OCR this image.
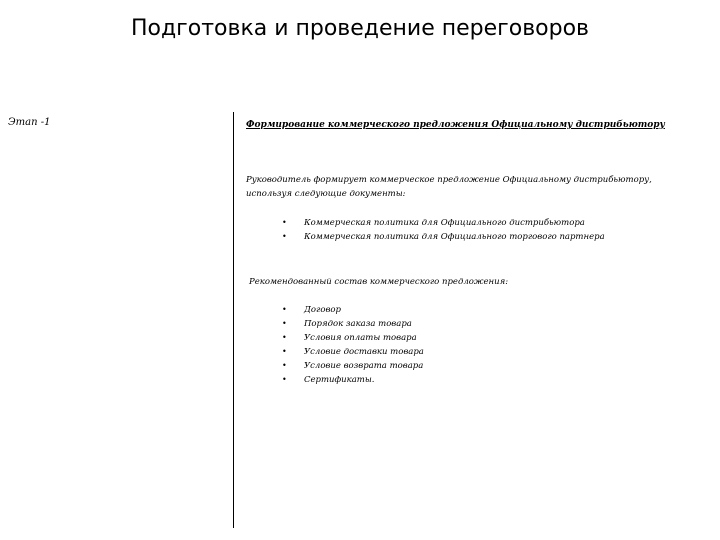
Подготовка и проведение переговоров
Этап -1	Формирование коммерческого предложения Официальному дистрибьютору

Руководитель формирует коммерческое предложение Официальному дистрибьютору, используя следующие документы:

• Коммерческая политика для Официального дистрибьютора
• Коммерческая политика для Официального торгового партнера

Рекомендованный состав коммерческого предложения:

• Договор
• Порядок заказа товара
• Условия оплаты товара
• Условие доставки товара
• Условие возврата товара
• Сертификаты.
